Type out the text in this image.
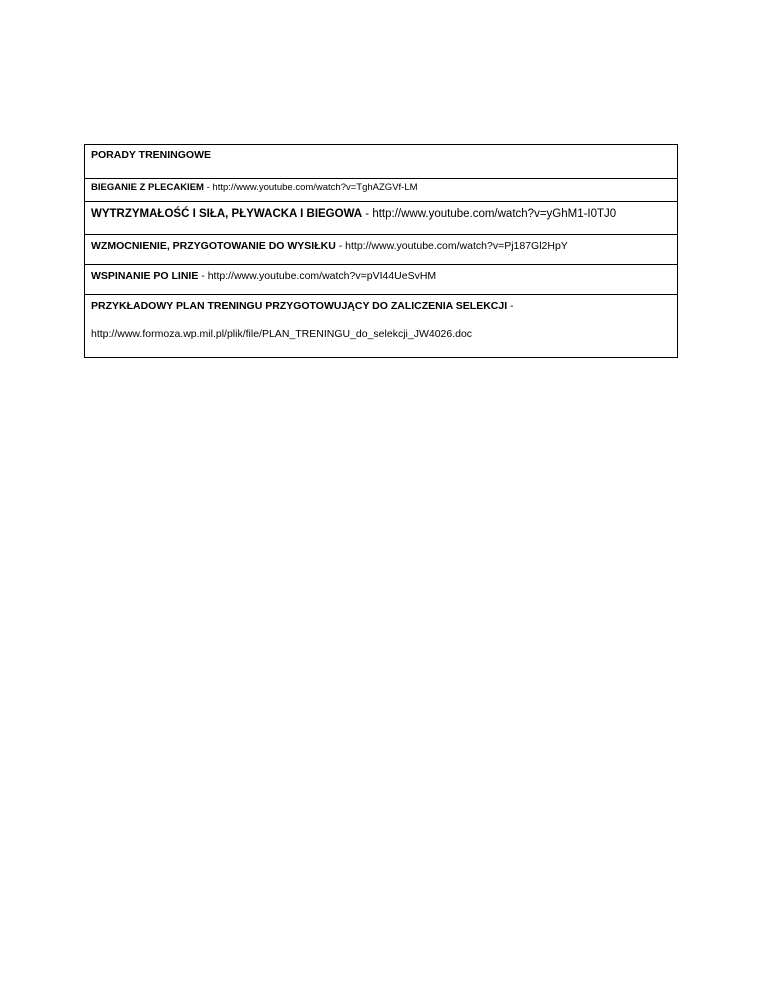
PORADY TRENINGOWE
BIEGANIE Z PLECAKIEM - http://www.youtube.com/watch?v=TghAZGVf-LM
WYTRZYMAŁOŚĆ I SIŁA, PŁYWACKA I BIEGOWA - http://www.youtube.com/watch?v=yGhM1-I0TJ0
WZMOCNIENIE, PRZYGOTOWANIE DO WYSIŁKU - http://www.youtube.com/watch?v=Pj187Gl2HpY
WSPINANIE PO LINIE - http://www.youtube.com/watch?v=pVI44UeSvHM
PRZYKŁADOWY PLAN TRENINGU PRZYGOTOWUJĄCY DO ZALICZENIA SELEKCJI -
http://www.formoza.wp.mil.pl/plik/file/PLAN_TRENINGU_do_selekcji_JW4026.doc
